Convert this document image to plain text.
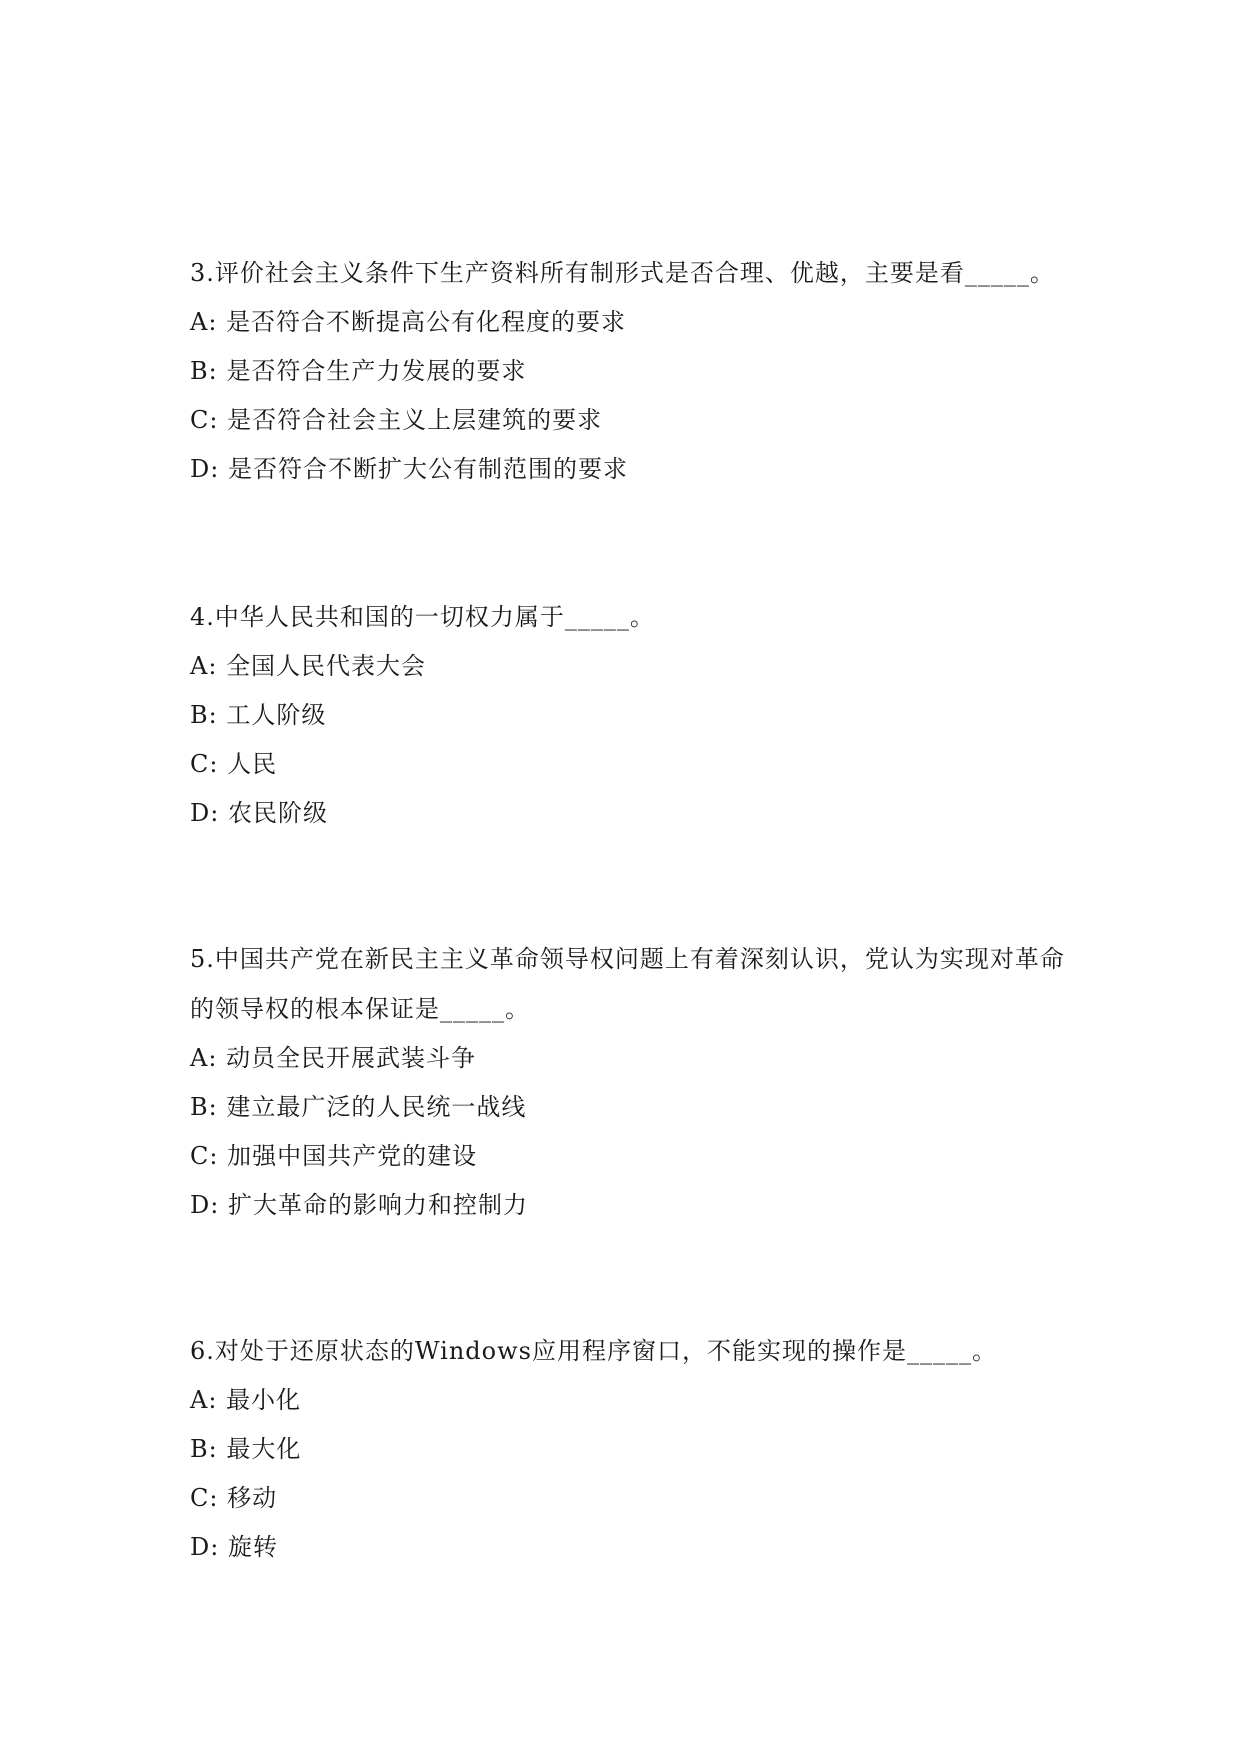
3.评价社会主义条件下生产资料所有制形式是否合理、优越，主要是看_____。

A: 是否符合不断提高公有化程度的要求

B: 是否符合生产力发展的要求

C: 是否符合社会主义上层建筑的要求

D: 是否符合不断扩大公有制范围的要求

4.中华人民共和国的一切权力属于_____。

A: 全国人民代表大会

B: 工人阶级

C: 人民

D: 农民阶级

5.中国共产党在新民主主义革命领导权问题上有着深刻认识，党认为实现对革命的领导权的根本保证是_____。

A: 动员全民开展武装斗争

B: 建立最广泛的人民统一战线

C: 加强中国共产党的建设

D: 扩大革命的影响力和控制力

6.对处于还原状态的Windows应用程序窗口，不能实现的操作是_____。

A: 最小化

B: 最大化

C: 移动

D: 旋转
